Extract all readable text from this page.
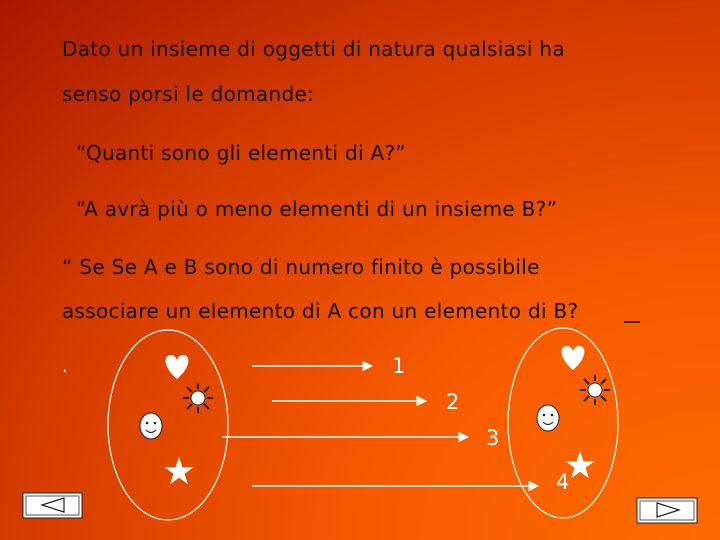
Dato un insieme di oggetti di natura qualsiasi ha
senso porsi le domande:
“Quanti sono gli elementi di A?”
“A avrà più o meno elementi di un insieme B?”
“ Se Se A e B sono di numero finito è possibile
associare un elemento di A con un elemento di B?
.	1
2
3
4
